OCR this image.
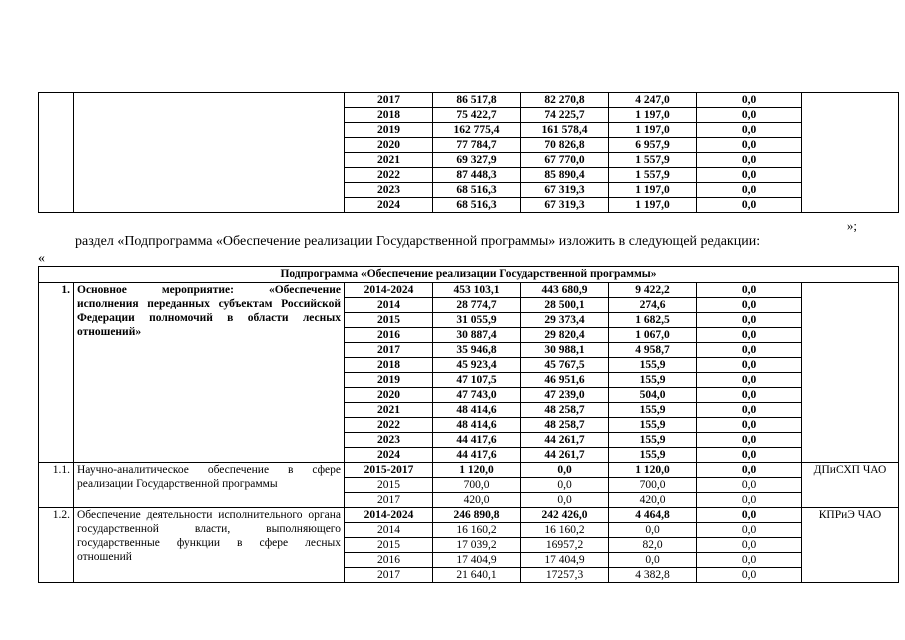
		2017	86 517,8	82 270,8	4 247,0	0,0	
		2018	75 422,7	74 225,7	1 197,0	0,0	
		2019	162 775,4	161 578,4	1 197,0	0,0	
		2020	77 784,7	70 826,8	6 957,9	0,0	
		2021	69 327,9	67 770,0	1 557,9	0,0	
		2022	87 448,3	85 890,4	1 557,9	0,0	
		2023	68 516,3	67 319,3	1 197,0	0,0	
		2024	68 516,3	67 319,3	1 197,0	0,0	
»;
раздел «Подпрограмма «Обеспечение реализации Государственной программы» изложить в следующей редакции:
«
Подпрограмма «Обеспечение реализации Государственной программы»							
1.	Основное мероприятие: «Обеспечение исполнения переданных субъектам Российской Федерации полномочий в области лесных отношений»	2014-2024	453 103,1	443 680,9	9 422,2	0,0	
		2014	28 774,7	28 500,1	274,6	0,0	
		2015	31 055,9	29 373,4	1 682,5	0,0	
		2016	30 887,4	29 820,4	1 067,0	0,0	
		2017	35 946,8	30 988,1	4 958,7	0,0	
		2018	45 923,4	45 767,5	155,9	0,0	
		2019	47 107,5	46 951,6	155,9	0,0	
		2020	47 743,0	47 239,0	504,0	0,0	
		2021	48 414,6	48 258,7	155,9	0,0	
		2022	48 414,6	48 258,7	155,9	0,0	
		2023	44 417,6	44 261,7	155,9	0,0	
		2024	44 417,6	44 261,7	155,9	0,0	
1.1.	Научно-аналитическое обеспечение в сфере реализации Государственной программы	2015-2017	1 120,0	0,0	1 120,0	0,0	ДПиСХП ЧАО
		2015	700,0	0,0	700,0	0,0	
		2017	420,0	0,0	420,0	0,0	
1.2.	Обеспечение деятельности исполнительного органа государственной власти, выполняющего государственные функции в сфере лесных отношений	2014-2024	246 890,8	242 426,0	4 464,8	0,0	КПРиЭ ЧАО
		2014	16 160,2	16 160,2	0,0	0,0	
		2015	17 039,2	16957,2	82,0	0,0	
		2016	17 404,9	17 404,9	0,0	0,0	
		2017	21 640,1	17257,3	4 382,8	0,0	
